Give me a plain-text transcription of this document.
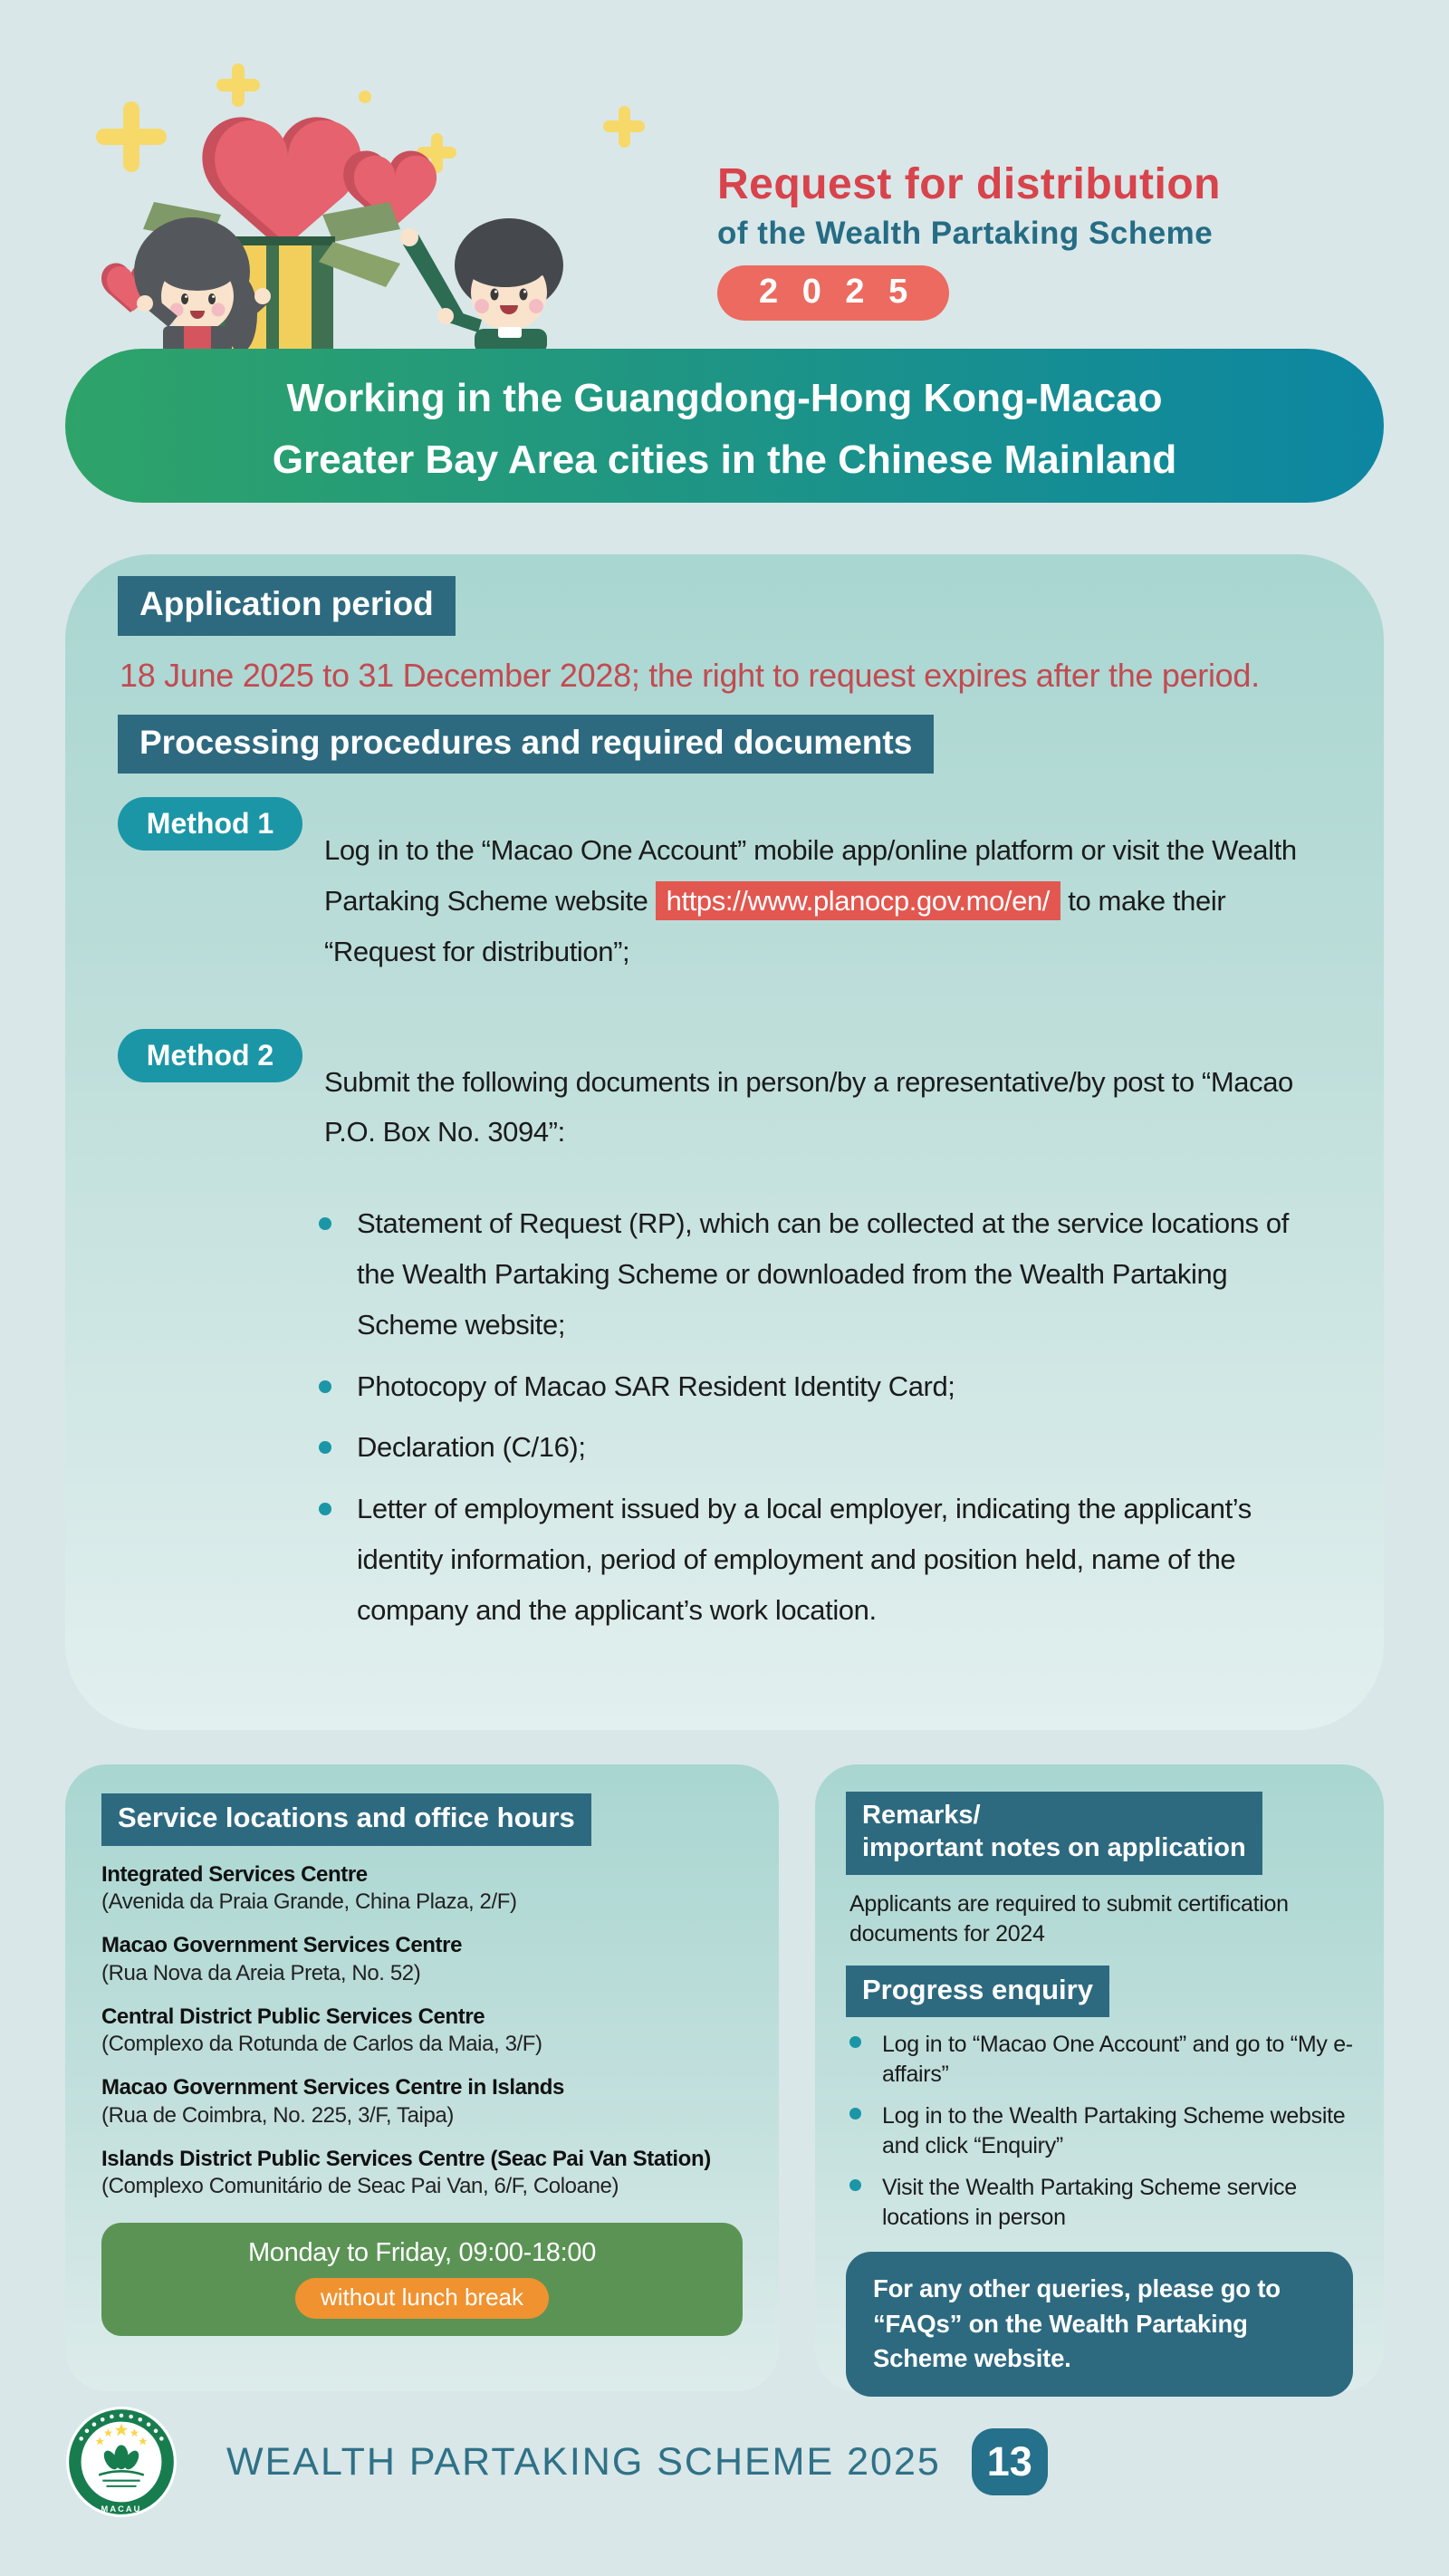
Request for distribution
of the Wealth Partaking Scheme
2 0 2 5
Working in the Guangdong-Hong Kong-Macao
Greater Bay Area cities in the Chinese Mainland
Application period
18 June 2025 to 31 December 2028; the right to request expires after the period.
Processing procedures and required documents
Method 1

Log in to the “Macao One Account” mobile app/online platform or visit the Wealth Partaking Scheme website https://www.planocp.gov.mo/en/ to make their “Request for distribution”;

Method 2

Submit the following documents in person/by a representative/by post to “Macao P.O. Box No. 3094”:

Statement of Request (RP), which can be collected at the service locations of the Wealth Partaking Scheme or downloaded from the Wealth Partaking Scheme website;
Photocopy of Macao SAR Resident Identity Card;
Declaration (C/16);
Letter of employment issued by a local employer, indicating the applicant’s identity information, period of employment and position held, name of the company and the applicant’s work location.
Service locations and office hours
Integrated Services Centre
(Avenida da Praia Grande, China Plaza, 2/F)
Macao Government Services Centre
(Rua Nova da Areia Preta, No. 52)
Central District Public Services Centre
(Complexo da Rotunda de Carlos da Maia, 3/F)
Macao Government Services Centre in Islands
(Rua de Coimbra, No. 225, 3/F, Taipa)
Islands District Public Services Centre (Seac Pai Van Station)
(Complexo Comunitário de Seac Pai Van, 6/F, Coloane)
Monday to Friday, 09:00-18:00
without lunch break
Remarks/
important notes on application
Applicants are required to submit certification documents for 2024
Progress enquiry
Log in to “Macao One Account” and go to “My e-affairs”
Log in to the Wealth Partaking Scheme website and click “Enquiry”
Visit the Wealth Partaking Scheme service locations in person
For any other queries, please go to “FAQs” on the Wealth Partaking Scheme website.
MACAU
WEALTH PARTAKING SCHEME 2025	13
